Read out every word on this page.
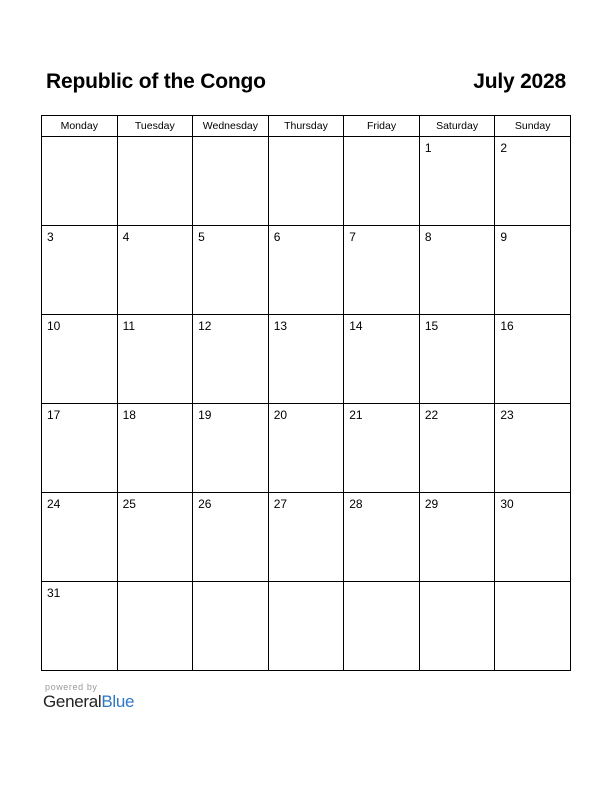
Republic of the Congo	July 2028
Monday	Tuesday	Wednesday	Thursday	Friday	Saturday	Sunday

					1	2

3	4	5	6	7	8	9

10	11	12	13	14	15	16

17	18	19	20	21	22	23

24	25	26	27	28	29	30

31						

powered by
GeneralBlue
